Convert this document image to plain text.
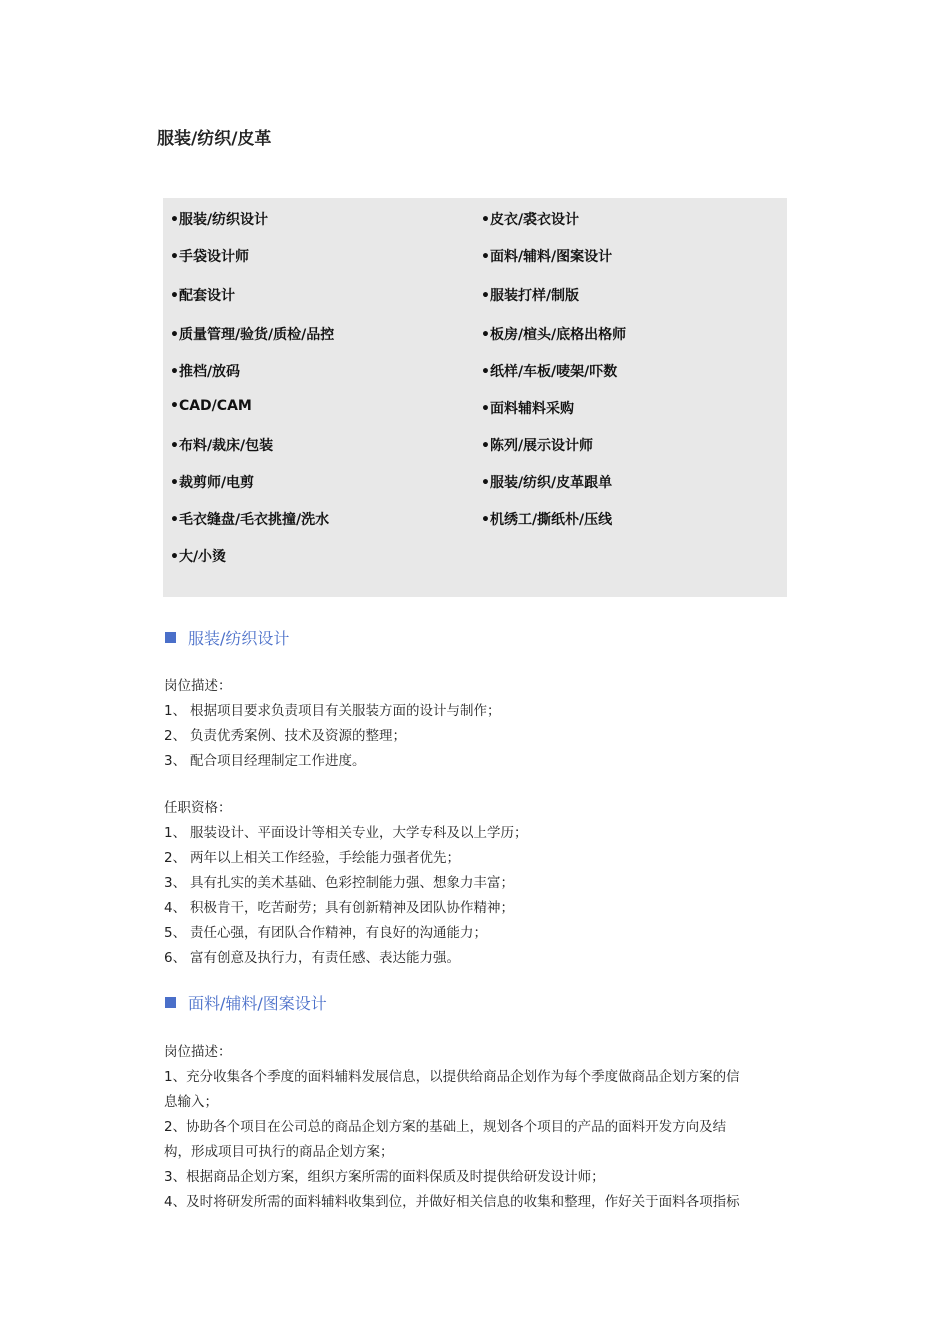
服装/纺织/皮革
•服装/纺织设计	•皮衣/裘衣设计
•手袋设计师	•面料/辅料/图案设计
•配套设计	•服装打样/制版
•质量管理/验货/质检/品控	•板房/楦头/底格出格师
•推档/放码	•纸样/车板/唛架/吓数
•CAD/CAM	•面料辅料采购
•布料/裁床/包装	•陈列/展示设计师
•裁剪师/电剪	•服装/纺织/皮革跟单
•毛衣缝盘/毛衣挑撞/洗水	•机绣工/撕纸朴/压线
•大/小烫
服装/纺织设计
岗位描述：
1、 根据项目要求负责项目有关服装方面的设计与制作；
2、 负责优秀案例、技术及资源的整理；
3、 配合项目经理制定工作进度。
任职资格：
1、 服装设计、平面设计等相关专业，大学专科及以上学历；
2、 两年以上相关工作经验，手绘能力强者优先；
3、 具有扎实的美术基础、色彩控制能力强、想象力丰富；
4、 积极肯干，吃苦耐劳；具有创新精神及团队协作精神；
5、 责任心强，有团队合作精神，有良好的沟通能力；
6、 富有创意及执行力，有责任感、表达能力强。
面料/辅料/图案设计
岗位描述：
1、充分收集各个季度的面料辅料发展信息，以提供给商品企划作为每个季度做商品企划方案的信
息输入；
2、协助各个项目在公司总的商品企划方案的基础上，规划各个项目的产品的面料开发方向及结
构，形成项目可执行的商品企划方案；
3、根据商品企划方案，组织方案所需的面料保质及时提供给研发设计师；
4、及时将研发所需的面料辅料收集到位，并做好相关信息的收集和整理，作好关于面料各项指标
